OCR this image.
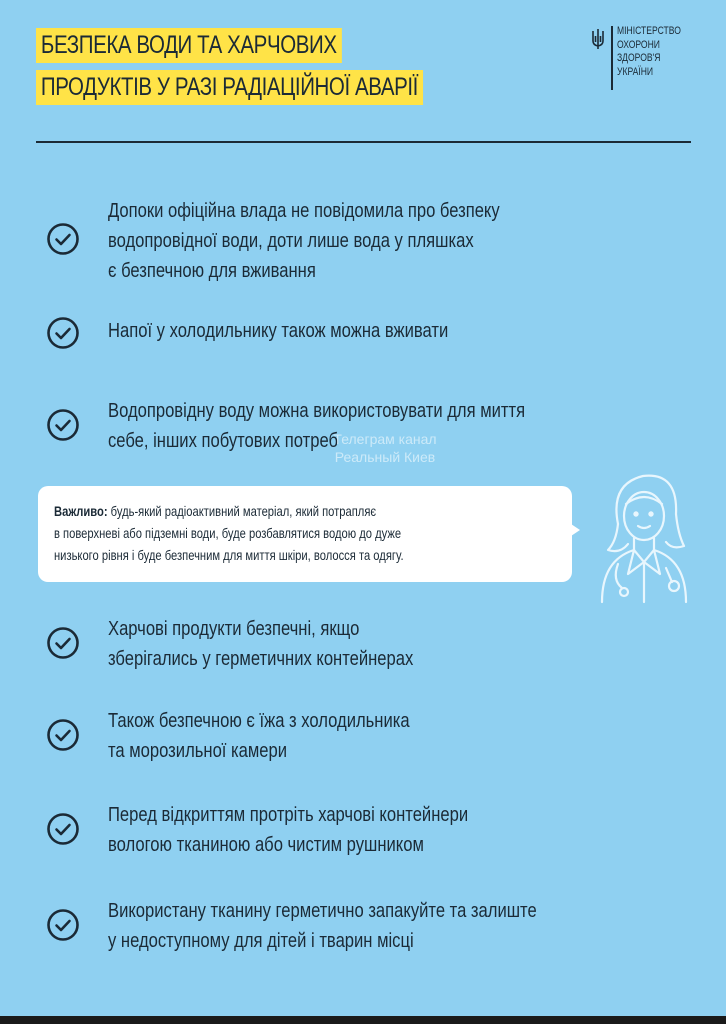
БЕЗПЕКА ВОДИ ТА ХАРЧОВИХ
ПРОДУКТІВ У РАЗІ РАДІАЦІЙНОЇ АВАРІЇ
МІНІСТЕРСТВО
ОХОРОНИ
ЗДОРОВ'Я
УКРАЇНИ
Допоки офіційна влада не повідомила про безпеку
водопровідної води, доти лише вода у пляшках
є безпечною для вживання
Напої у холодильнику також можна вживати
Водопровідну воду можна використовувати для миття
себе, інших побутових потреб
Телеграм канал
Реальный Киев
Важливо: будь-який радіоактивний матеріал, який потрапляє
в поверхневі або підземні води, буде розбавлятися водою до дуже
низького рівня і буде безпечним для миття шкіри, волосся та одягу.
Харчові продукти безпечні, якщо
зберігались у герметичних контейнерах
Також безпечною є їжа з холодильника
та морозильної камери
Перед відкриттям протріть харчові контейнери
вологою тканиною або чистим рушником
Використану тканину герметично запакуйте та залиште
у недоступному для дітей і тварин місці
